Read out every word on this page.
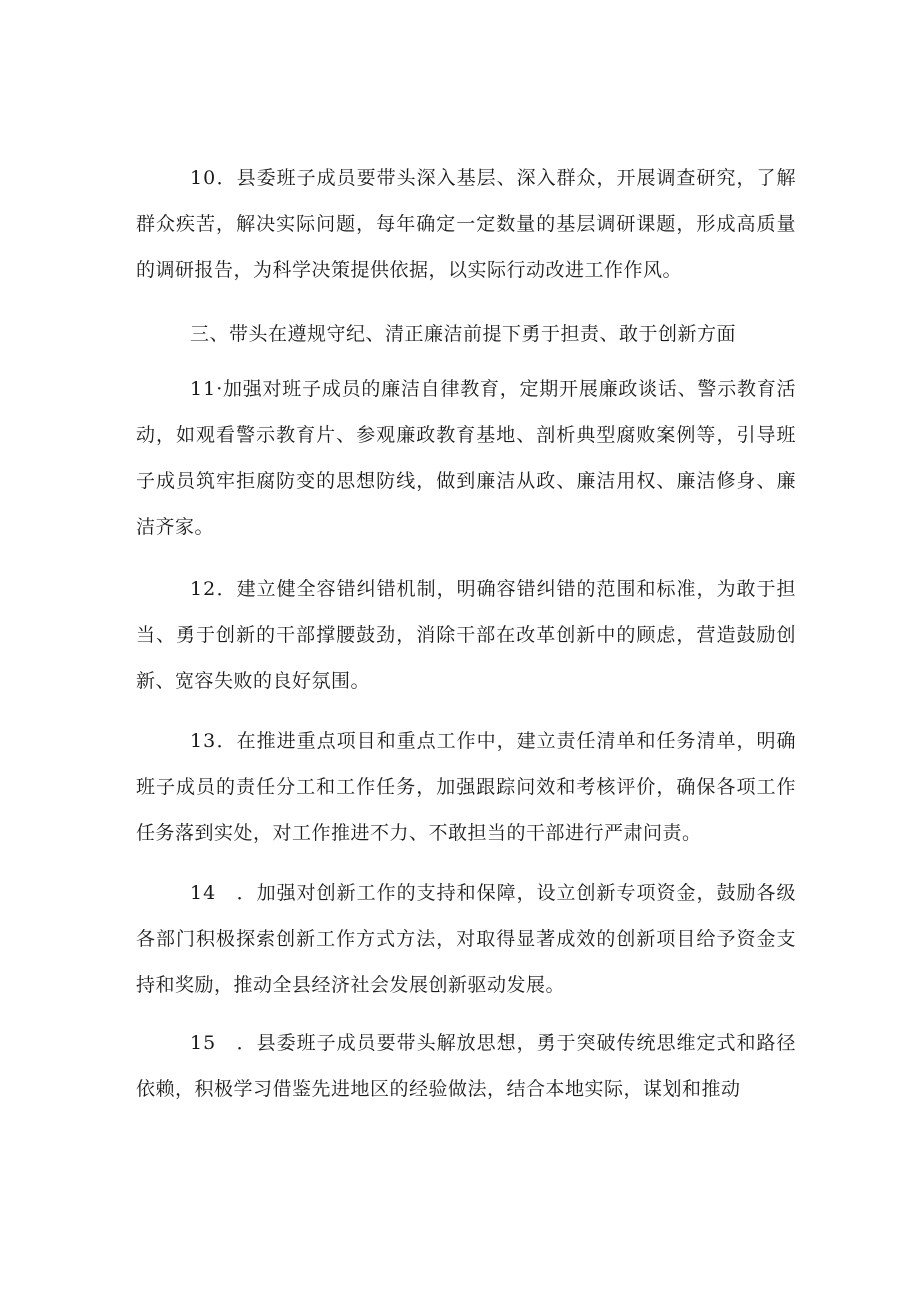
10．县委班子成员要带头深入基层、深入群众，开展调查研究，了解群众疾苦，解决实际问题，每年确定一定数量的基层调研课题，形成高质量的调研报告，为科学决策提供依据，以实际行动改进工作作风。

三、带头在遵规守纪、清正廉洁前提下勇于担责、敢于创新方面

11·加强对班子成员的廉洁自律教育，定期开展廉政谈话、警示教育活动，如观看警示教育片、参观廉政教育基地、剖析典型腐败案例等，引导班子成员筑牢拒腐防变的思想防线，做到廉洁从政、廉洁用权、廉洁修身、廉洁齐家。

12．建立健全容错纠错机制，明确容错纠错的范围和标准，为敢于担当、勇于创新的干部撑腰鼓劲，消除干部在改革创新中的顾虑，营造鼓励创新、宽容失败的良好氛围。

13．在推进重点项目和重点工作中，建立责任清单和任务清单，明确班子成员的责任分工和工作任务，加强跟踪问效和考核评价，确保各项工作任务落到实处，对工作推进不力、不敢担当的干部进行严肃问责。

14　．加强对创新工作的支持和保障，设立创新专项资金，鼓励各级各部门积极探索创新工作方式方法，对取得显著成效的创新项目给予资金支持和奖励，推动全县经济社会发展创新驱动发展。

15　．县委班子成员要带头解放思想，勇于突破传统思维定式和路径依赖，积极学习借鉴先进地区的经验做法，结合本地实际，谋划和推动
